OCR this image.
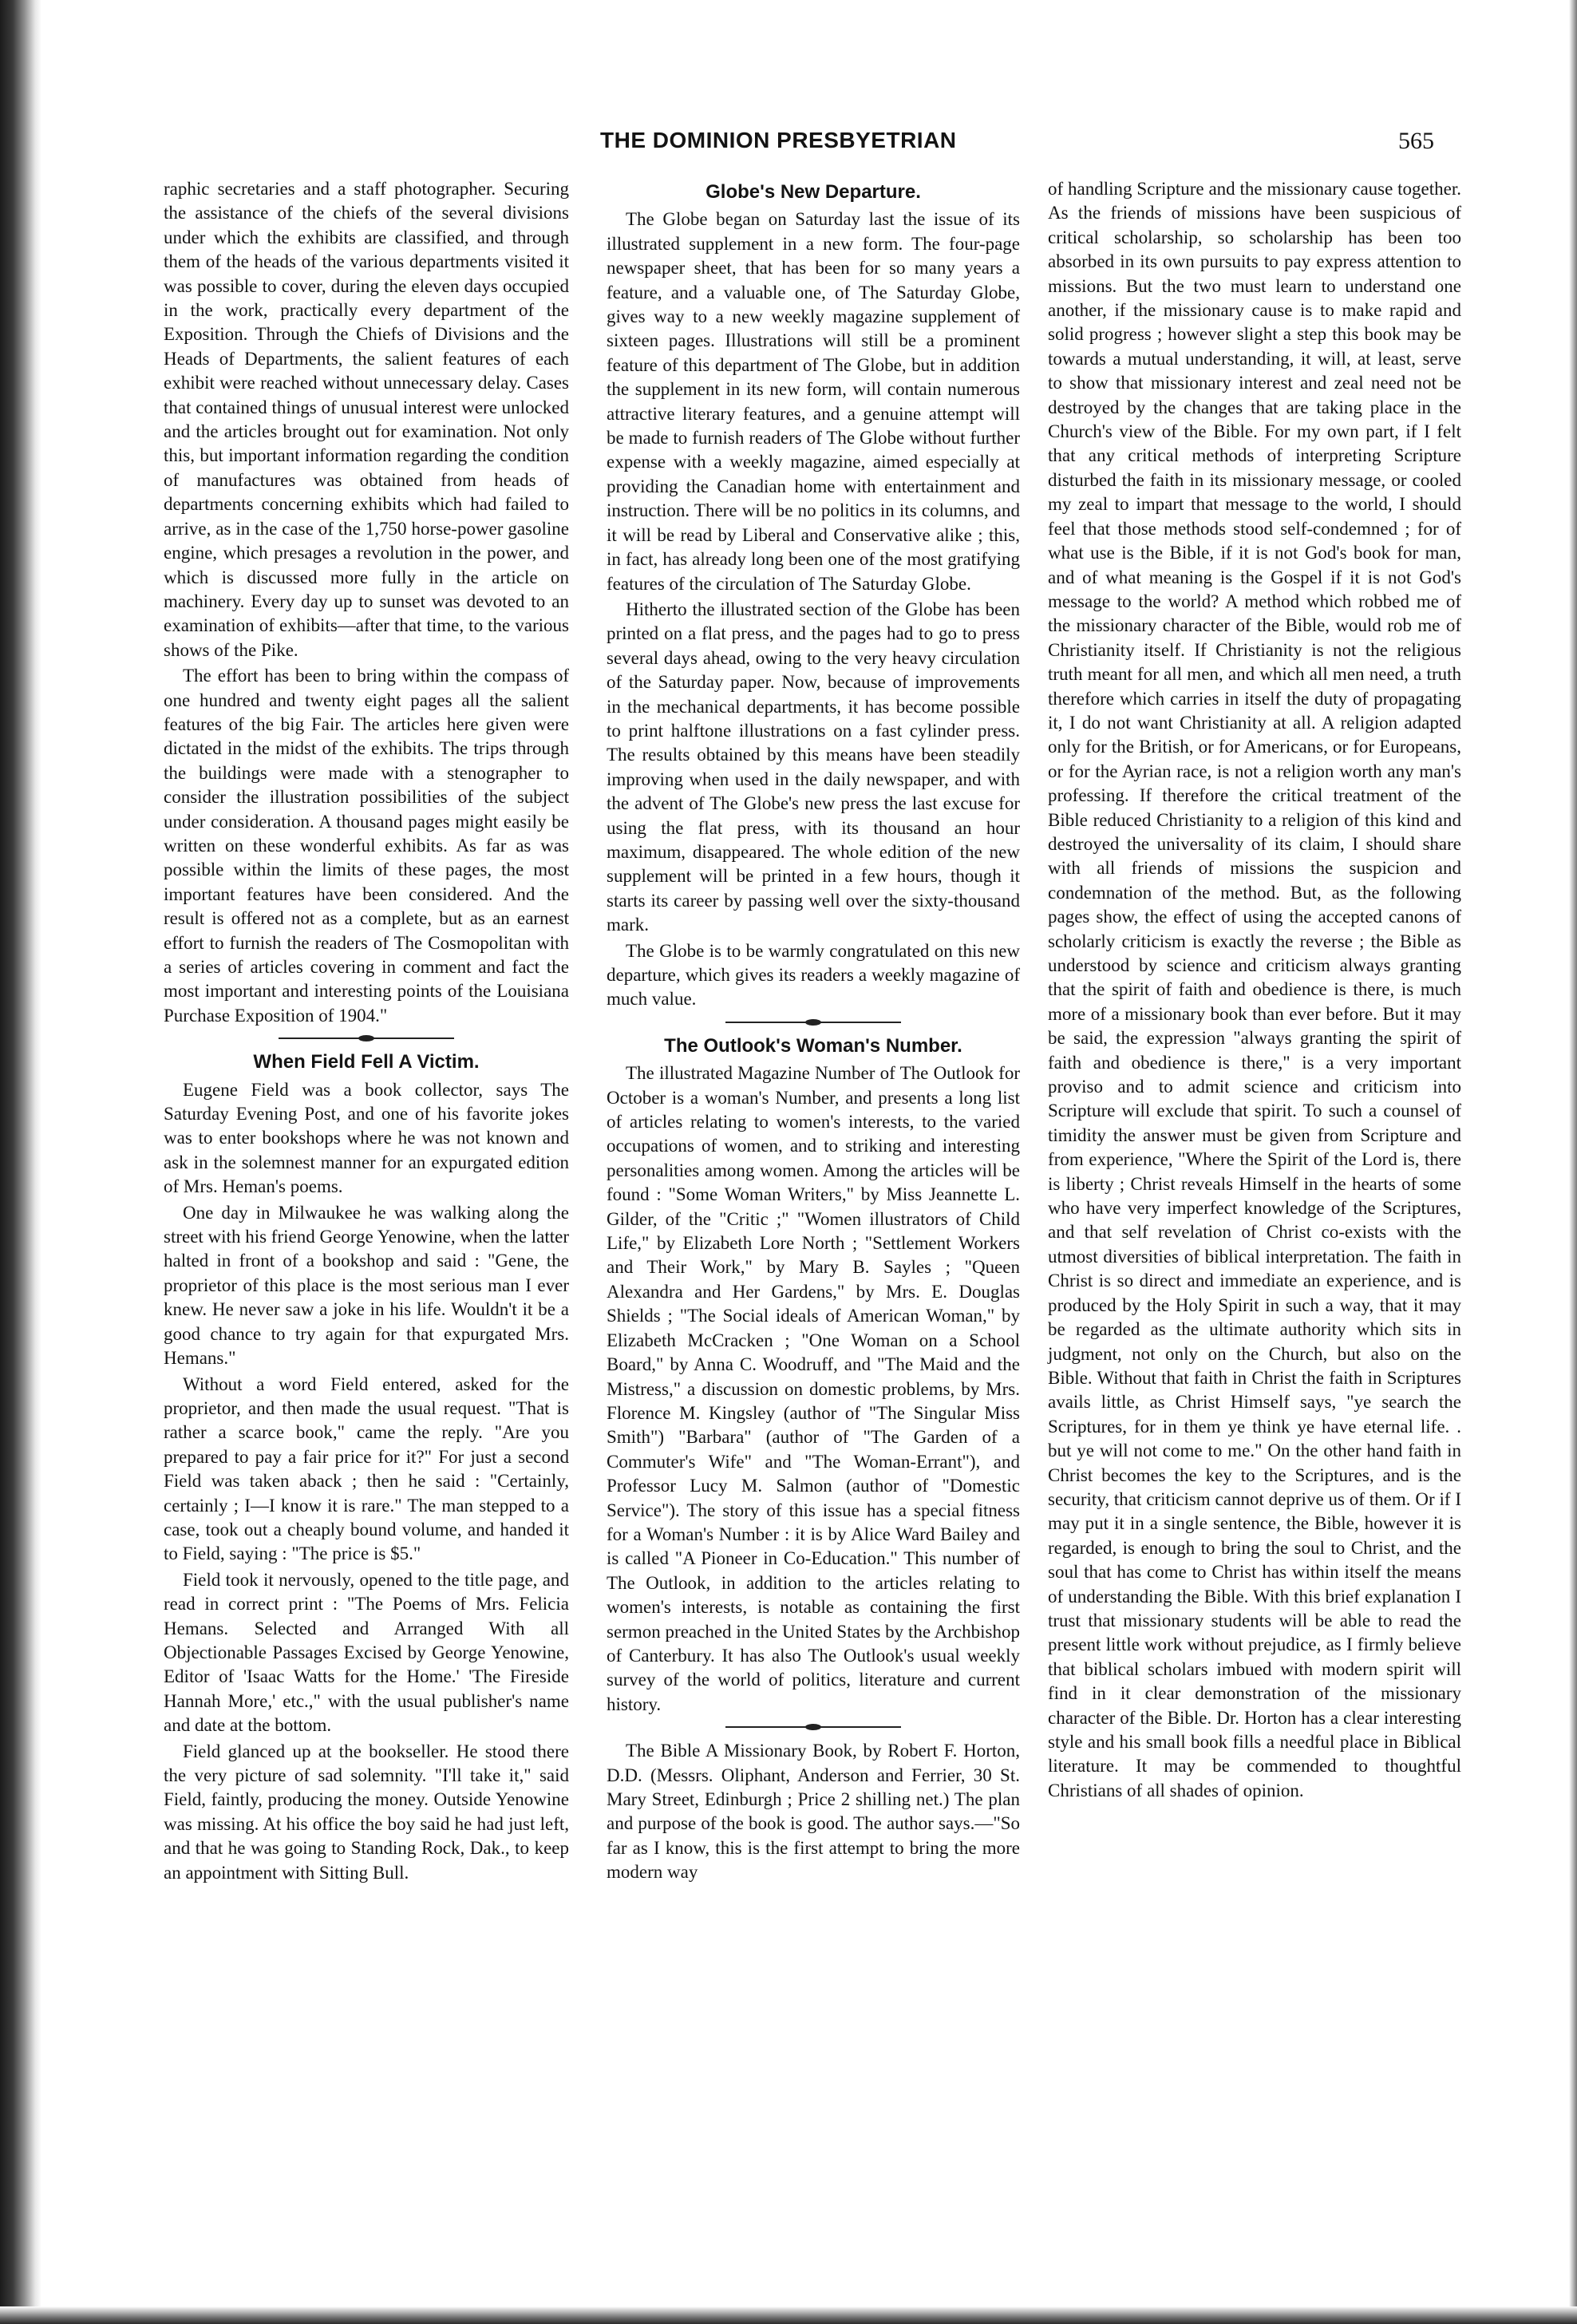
THE DOMINION PRESBYETRIAN	565

raphic secretaries and a staff photographer. Securing the assistance of the chiefs of the several divisions under which the exhibits are classified, and through them of the heads of the various departments visited it was possible to cover, during the eleven days occupied in the work, practically every department of the Exposition. Through the Chiefs of Divisions and the Heads of Departments, the salient features of each exhibit were reached without unnecessary delay. Cases that contained things of unusual interest were unlocked and the articles brought out for examination. Not only this, but important information regarding the condition of manufactures was obtained from heads of departments concerning exhibits which had failed to arrive, as in the case of the 1,750 horse-power gasoline engine, which presages a revolution in the power, and which is discussed more fully in the article on machinery. Every day up to sunset was devoted to an examination of exhibits—after that time, to the various shows of the Pike.

The effort has been to bring within the compass of one hundred and twenty eight pages all the salient features of the big Fair. The articles here given were dictated in the midst of the exhibits. The trips through the buildings were made with a stenographer to consider the illustration possibilities of the subject under consideration. A thousand pages might easily be written on these wonderful exhibits. As far as was possible within the limits of these pages, the most important features have been considered. And the result is offered not as a complete, but as an earnest effort to furnish the readers of The Cosmopolitan with a series of articles covering in comment and fact the most important and interesting points of the Louisiana Purchase Exposition of 1904."

When Field Fell A Victim.

Eugene Field was a book collector, says The Saturday Evening Post, and one of his favorite jokes was to enter bookshops where he was not known and ask in the solemnest manner for an expurgated edition of Mrs. Heman's poems.

One day in Milwaukee he was walking along the street with his friend George Yenowine, when the latter halted in front of a bookshop and said : "Gene, the proprietor of this place is the most serious man I ever knew. He never saw a joke in his life. Wouldn't it be a good chance to try again for that expurgated Mrs. Hemans."

Without a word Field entered, asked for the proprietor, and then made the usual request. "That is rather a scarce book," came the reply. "Are you prepared to pay a fair price for it?" For just a second Field was taken aback ; then he said : "Certainly, certainly ; I—I know it is rare." The man stepped to a case, took out a cheaply bound volume, and handed it to Field, saying : "The price is $5."

Field took it nervously, opened to the title page, and read in correct print : "The Poems of Mrs. Felicia Hemans. Selected and Arranged With all Objectionable Passages Excised by George Yenowine, Editor of 'Isaac Watts for the Home.' 'The Fireside Hannah More,' etc.," with the usual publisher's name and date at the bottom.

Field glanced up at the bookseller. He stood there the very picture of sad solemnity. "I'll take it," said Field, faintly, producing the money. Outside Yenowine was missing. At his office the boy said he had just left, and that he was going to Standing Rock, Dak., to keep an appointment with Sitting Bull.

Globe's New Departure.

The Globe began on Saturday last the issue of its illustrated supplement in a new form. The four-page newspaper sheet, that has been for so many years a feature, and a valuable one, of The Saturday Globe, gives way to a new weekly magazine supplement of sixteen pages. Illustrations will still be a prominent feature of this department of The Globe, but in addition the supplement in its new form, will contain numerous attractive literary features, and a genuine attempt will be made to furnish readers of The Globe without further expense with a weekly magazine, aimed especially at providing the Canadian home with entertainment and instruction. There will be no politics in its columns, and it will be read by Liberal and Conservative alike ; this, in fact, has already long been one of the most gratifying features of the circulation of The Saturday Globe.

Hitherto the illustrated section of the Globe has been printed on a flat press, and the pages had to go to press several days ahead, owing to the very heavy circulation of the Saturday paper. Now, because of improvements in the mechanical departments, it has become possible to print halftone illustrations on a fast cylinder press. The results obtained by this means have been steadily improving when used in the daily newspaper, and with the advent of The Globe's new press the last excuse for using the flat press, with its thousand an hour maximum, disappeared. The whole edition of the new supplement will be printed in a few hours, though it starts its career by passing well over the sixty-thousand mark.

The Globe is to be warmly congratulated on this new departure, which gives its readers a weekly magazine of much value.

The Outlook's Woman's Number.

The illustrated Magazine Number of The Outlook for October is a woman's Number, and presents a long list of articles relating to women's interests, to the varied occupations of women, and to striking and interesting personalities among women. Among the articles will be found : "Some Woman Writers," by Miss Jeannette L. Gilder, of the "Critic ;" "Women illustrators of Child Life," by Elizabeth Lore North ; "Settlement Workers and Their Work," by Mary B. Sayles ; "Queen Alexandra and Her Gardens," by Mrs. E. Douglas Shields ; "The Social ideals of American Woman," by Elizabeth McCracken ; "One Woman on a School Board," by Anna C. Woodruff, and "The Maid and the Mistress," a discussion on domestic problems, by Mrs. Florence M. Kingsley (author of "The Singular Miss Smith") "Barbara" (author of "The Garden of a Commuter's Wife" and "The Woman-Errant"), and Professor Lucy M. Salmon (author of "Domestic Service"). The story of this issue has a special fitness for a Woman's Number : it is by Alice Ward Bailey and is called "A Pioneer in Co-Education." This number of The Outlook, in addition to the articles relating to women's interests, is notable as containing the first sermon preached in the United States by the Archbishop of Canterbury. It has also The Outlook's usual weekly survey of the world of politics, literature and current history.

The Bible A Missionary Book, by Robert F. Horton, D.D. (Messrs. Oliphant, Anderson and Ferrier, 30 St. Mary Street, Edinburgh ; Price 2 shilling net.) The plan and purpose of the book is good. The author says.—"So far as I know, this is the first attempt to bring the more modern way

of handling Scripture and the missionary cause together. As the friends of missions have been suspicious of critical scholarship, so scholarship has been too absorbed in its own pursuits to pay express attention to missions. But the two must learn to understand one another, if the missionary cause is to make rapid and solid progress ; however slight a step this book may be towards a mutual understanding, it will, at least, serve to show that missionary interest and zeal need not be destroyed by the changes that are taking place in the Church's view of the Bible. For my own part, if I felt that any critical methods of interpreting Scripture disturbed the faith in its missionary message, or cooled my zeal to impart that message to the world, I should feel that those methods stood self-condemned ; for of what use is the Bible, if it is not God's book for man, and of what meaning is the Gospel if it is not God's message to the world? A method which robbed me of the missionary character of the Bible, would rob me of Christianity itself. If Christianity is not the religious truth meant for all men, and which all men need, a truth therefore which carries in itself the duty of propagating it, I do not want Christianity at all. A religion adapted only for the British, or for Americans, or for Europeans, or for the Ayrian race, is not a religion worth any man's professing. If therefore the critical treatment of the Bible reduced Christianity to a religion of this kind and destroyed the universality of its claim, I should share with all friends of missions the suspicion and condemnation of the method. But, as the following pages show, the effect of using the accepted canons of scholarly criticism is exactly the reverse ; the Bible as understood by science and criticism always granting that the spirit of faith and obedience is there, is much more of a missionary book than ever before. But it may be said, the expression "always granting the spirit of faith and obedience is there," is a very important proviso and to admit science and criticism into Scripture will exclude that spirit. To such a counsel of timidity the answer must be given from Scripture and from experience, "Where the Spirit of the Lord is, there is liberty ; Christ reveals Himself in the hearts of some who have very imperfect knowledge of the Scriptures, and that self revelation of Christ co-exists with the utmost diversities of biblical interpretation. The faith in Christ is so direct and immediate an experience, and is produced by the Holy Spirit in such a way, that it may be regarded as the ultimate authority which sits in judgment, not only on the Church, but also on the Bible. Without that faith in Christ the faith in Scriptures avails little, as Christ Himself says, "ye search the Scriptures, for in them ye think ye have eternal life. . but ye will not come to me." On the other hand faith in Christ becomes the key to the Scriptures, and is the security, that criticism cannot deprive us of them. Or if I may put it in a single sentence, the Bible, however it is regarded, is enough to bring the soul to Christ, and the soul that has come to Christ has within itself the means of understanding the Bible. With this brief explanation I trust that missionary students will be able to read the present little work without prejudice, as I firmly believe that biblical scholars imbued with modern spirit will find in it clear demonstration of the missionary character of the Bible. Dr. Horton has a clear interesting style and his small book fills a needful place in Biblical literature. It may be commended to thoughtful Christians of all shades of opinion.
